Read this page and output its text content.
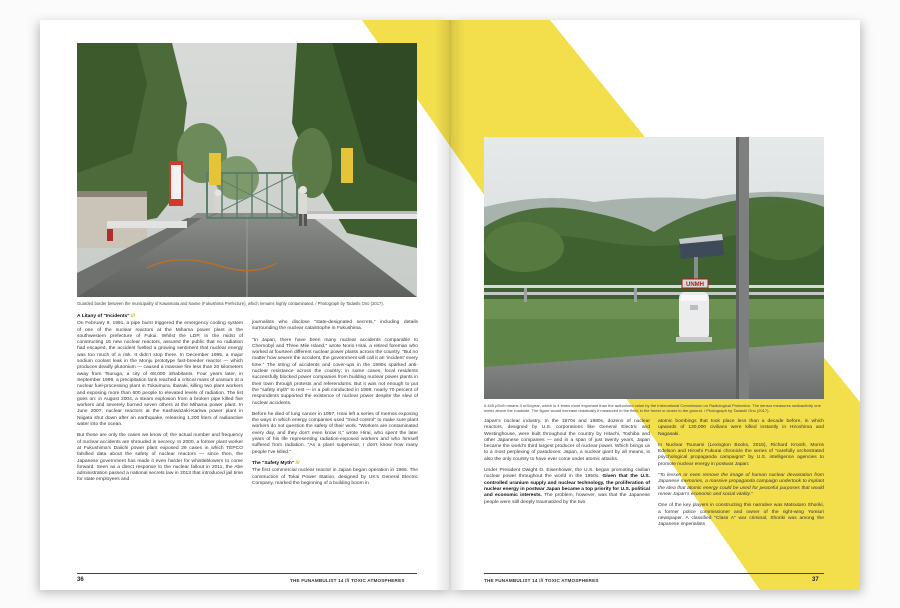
Guarded border between the municipality of Kawamata and Namie (Fukushima Prefecture), which remains highly contaminated. / Photograph by Tadashi Ono (2017).

A Litany of "Incidents" ///

On February 9, 1991, a pipe burst triggered the emergency cooling system of one of the nuclear reactors at the Mihama power plant in the southwestern prefecture of Fukui. Whilst the LDP, in the midst of constructing 16 new nuclear reactors, assured the public that no radiation had escaped, the accident fuelled a growing sentiment that nuclear energy was too much of a risk. It didn't stop there. In December 1995, a major sodium coolant leak in the Monju prototype fast-breeder reactor — which produces deadly plutonium — caused a massive fire less than 20 kilometers away from Tsuruga, a city of 68,000 inhabitants. Four years later, in September 1999, a precipitation tank reached a critical mass of uranium at a nuclear fuel-processing plant in Tokaimura, Ibaraki, killing two plant workers and exposing more than 600 people to elevated levels of radiation. The list goes on: in August 2004, a steam explosion from a broken pipe killed five workers and severely burned seven others at the Mihama power plant. In June 2007, nuclear reactors at the Kashiwazaki-Kariwa power plant in Niigata shut down after an earthquake, releasing 1,200 liters of radioactive water into the ocean.

But these are only the cases we know of; the actual number and frequency of nuclear accidents are shrouded in secrecy. In 2000, a former plant worker at Fukushima's Daiichi power plant exposed 29 cases in which TEPCO falsified data about the safety of nuclear reactors — since then, the Japanese government has made it even harder for whistleblowers to come forward. Seen as a direct response to the nuclear fallout in 2011, the Abe administration passed a national secrets law in 2013 that introduced jail time for state employees and

journalists who disclose "state-designated secrets," including details surrounding the nuclear catastrophe in Fukushima.

"In Japan, there have been many nuclear accidents comparable to Chernobyl and Three Mile Island," wrote Norio Hirai, a retired foreman who worked at fourteen different nuclear power plants across the country. "But no matter how severe the accident, the government will call it an 'incident' every time." The string of accidents and cover-ups in the 1990s sparked anti-nuclear resistance across the country; in some cases, local residents successfully blocked power companies from building nuclear power plants in their town through protests and referendums. But it was not enough to put the "safety myth" to rest — in a poll conducted in 1999, nearly 70 percent of respondents supported the existence of nuclear power despite the slew of nuclear accidents.

Before he died of lung cancer in 1997, Hirai left a series of memos exposing the ways in which energy companies used "mind control" to make sure plant workers do not question the safety of their work. "Workers are contaminated every day, and they don't even know it," wrote Hirai, who spent the later years of his life representing radiation-exposed workers and who himself suffered from radiation. "As a plant supervisor, I don't know how many people I've killed."

The "Safety Myth" ///

The first commercial nuclear reactor in Japan began operation in 1966. The construction of Tokai Power Station, designed by UK's General Electric Company, marked the beginning of a building boom in

36	THE FUNAMBULIST 14 /// TOXIC ATMOSPHERES
UNMH
0.445 μSv/h means 4 mSv/year, which is 4 times more important than the authorized value by the International Commission on Radiological Protection. The sensor measures radioactivity one meter above the roadside. The figure would increase drastically if measured in the field, in the forest or closer to the ground. / Photograph by Tadashi Ono (2017).

Japan's nuclear industry. In the 1970s and 1980s, dozens of nuclear reactors, designed by U.S. corporations like General Electric and Westinghouse, were built throughout the country by Hitachi, Toshiba and other Japanese companies — and in a span of just twenty years, Japan became the world's third largest producer of nuclear power. Which brings us to a most perplexing of paradoxes: Japan, a nuclear giant by all means, is also the only country to have ever come under atomic attacks.

Under President Dwight D. Eisenhower, the U.S. began promoting civilian nuclear power throughout the world in the 1950s. Given that the U.S. controlled uranium supply and nuclear technology, the proliferation of nuclear energy in postwar Japan became a top priority for U.S. political and economic interests. The problem, however, was that the Japanese people were still deeply traumatized by the two

atomic bombings that took place less than a decade before, in which upwards of 130,000 civilians were killed instantly in Hiroshima and Nagasaki.

In Nuclear Tsunami (Lexington Books, 2015), Richard Krooth, Morris Edelson and Hiroshi Fukurai chronicle the series of "carefully orchestrated psychological propaganda campaigns" by U.S. intelligence agencies to promote nuclear energy in postwar Japan:

"To lessen or even remove the image of human nuclear devastation from Japanese memories, a massive propaganda campaign undertook to implant the idea that atomic energy could be used for peaceful purposes that would renew Japan's economic and social vitality."

One of the key players in constructing this narrative was Matsutaro Shoriki, a former police commissioner and owner of the right-wing Yomiuri newspaper. A classified "Class A" war criminal, Shoriki was among the Japanese imperialists

THE FUNAMBULIST 14 /// TOXIC ATMOSPHERES	37
